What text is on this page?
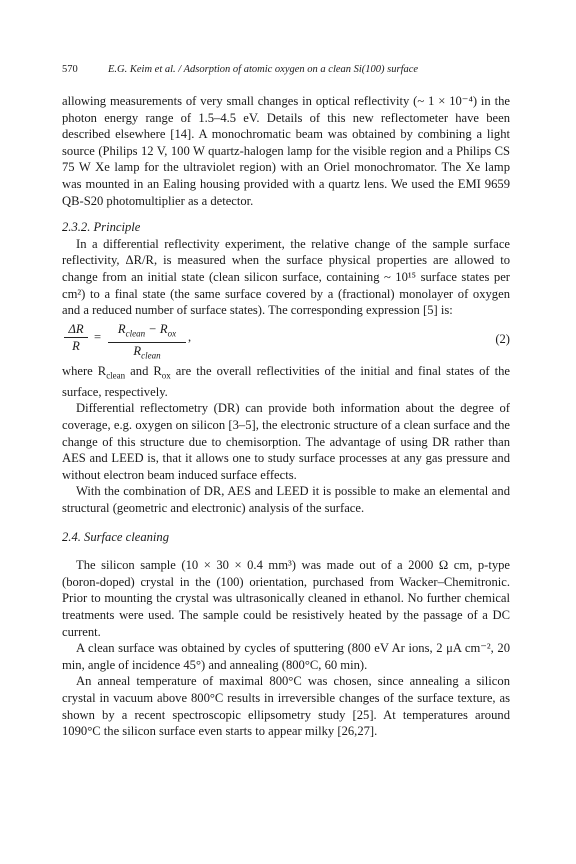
570	E.G. Keim et al. / Adsorption of atomic oxygen on a clean Si(100) surface

allowing measurements of very small changes in optical reflectivity (~ 1 × 10⁻⁴) in the photon energy range of 1.5–4.5 eV. Details of this new reflectometer have been described elsewhere [14]. A monochromatic beam was obtained by combining a light source (Philips 12 V, 100 W quartz-halogen lamp for the visible region and a Philips CS 75 W Xe lamp for the ultraviolet region) with an Oriel monochromator. The Xe lamp was mounted in an Ealing housing provided with a quartz lens. We used the EMI 9659 QB-S20 photomultiplier as a detector.

2.3.2. Principle

In a differential reflectivity experiment, the relative change of the sample surface reflectivity, ΔR/R, is measured when the surface physical properties are allowed to change from an initial state (clean silicon surface, containing ~ 10¹⁵ surface states per cm²) to a final state (the same surface covered by a (fractional) monolayer of oxygen and a reduced number of surface states). The corresponding expression [5] is:

$\frac{\Delta R}{R}$ =
$R_{clean} - R_{ox}$
$R_{clean}$
,	(2)

where $R_{clean}$ and $R_{ox}$ are the overall reflectivities of the initial and final states of the surface, respectively.

Differential reflectometry (DR) can provide both information about the degree of coverage, e.g. oxygen on silicon [3–5], the electronic structure of a clean surface and the change of this structure due to chemisorption. The advantage of using DR rather than AES and LEED is, that it allows one to study surface processes at any gas pressure and without electron beam induced surface effects.

With the combination of DR, AES and LEED it is possible to make an elemental and structural (geometric and electronic) analysis of the surface.

2.4. Surface cleaning

The silicon sample (10 × 30 × 0.4 mm³) was made out of a 2000 Ω cm, p-type (boron-doped) crystal in the (100) orientation, purchased from Wacker–Chemitronic. Prior to mounting the crystal was ultrasonically cleaned in ethanol. No further chemical treatments were used. The sample could be resistively heated by the passage of a DC current.

A clean surface was obtained by cycles of sputtering (800 eV Ar ions, 2 μA cm⁻², 20 min, angle of incidence 45°) and annealing (800°C, 60 min).

An anneal temperature of maximal 800°C was chosen, since annealing a silicon crystal in vacuum above 800°C results in irreversible changes of the surface texture, as shown by a recent spectroscopic ellipsometry study [25]. At temperatures around 1090°C the silicon surface even starts to appear milky [26,27].
